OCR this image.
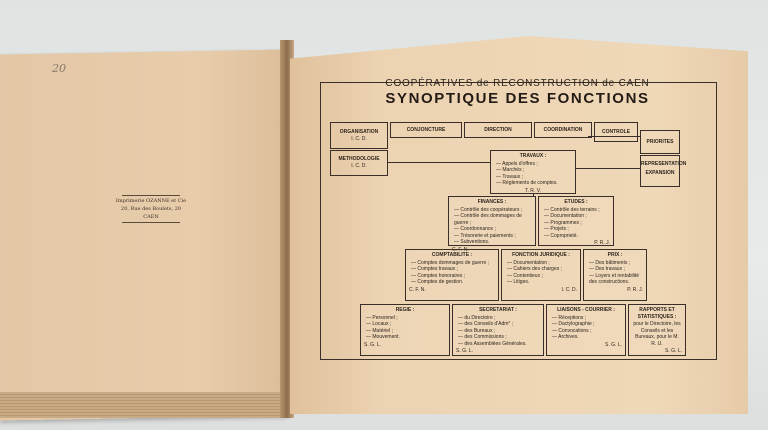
20
Imprimerie OZANNE et Cie
20, Rue des Boulets, 20
CAEN
COOPÉRATIVES de RECONSTRUCTION de CAEN
SYNOPTIQUE DES FONCTIONS
ORGANISATION
I. C. D.
CONJONCTURE	DIRECTION	COORDINATION	CONTROLE
PRIORITES
METHODOLOGIE
I. C. D.	REPRESENTATION
EXPANSION
TRAVAUX :
— Appels d'offres ;
— Marchés ;
— Travaux ;
— Règlements de comptes.
T. R. V.
FINANCES :
— Contrôle des coopérateurs ;
— Contrôle des dommages de guerre ;
— Coordonnance ;
— Trésorerie et paiements ;
— Subventions.
C. F. N.
ETUDES :
— Contrôle des terrains ;
— Documentation ;
— Programmes ;
— Projets ;
— Coproprieté.
P. R. J.
COMPTABILITE :
— Comptes dommages de guerre ;
— Comptes travaux ;
— Comptes honoraires ;
— Comptes de gestion.
C. F. N.
FONCTION JURIDIQUE :
— Documentation ;
— Cahiers des charges ;
— Contentieux ;
— Litiges.
I. C. D.
PRIX :
— Des bâtiments ;
— Des travaux ;
— Loyers et rentabilité des constructions.
P. R. J.
REGIE :
— Personnel ;
— Locaux ;
— Matériel ;
— Mouvement.
S. G. L.
SECRETARIAT :
— du Directoire ;
— des Conseils d'Adm° ;
— des Bureaux ;
— des Commissions ;
— des Assemblées Générales.
S. G. L.
LIAISONS - COURRIER :
— Réceptions ;
— Dactylographie ;
— Convocations ;
— Archives.
S. G. L.
RAPPORTS ET STATISTIQUES :
pour le Directoire, les Conseils et les Bureaux, pour le M. R. U.
S. G. L.
